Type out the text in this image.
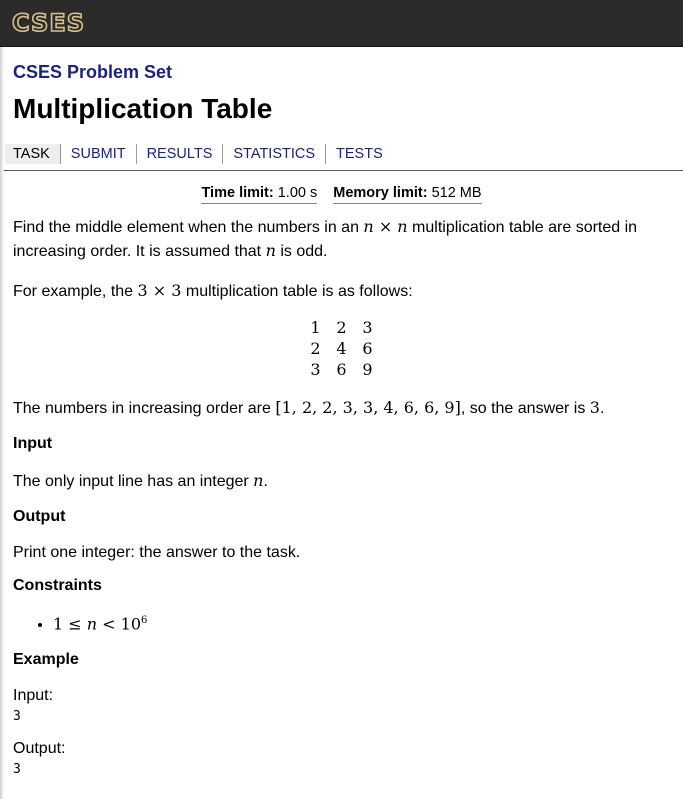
CSES
CSES Problem Set
Multiplication Table
TASK	SUBMIT	RESULTS	STATISTICS	TESTS
Time limit: 1.00 s Memory limit: 512 MB

Find the middle element when the numbers in an n × n multiplication table are sorted in increasing order. It is assumed that n is odd.

For example, the 3 × 3 multiplication table is as follows:

1	2	3
2	4	6
3	6	9

The numbers in increasing order are [1, 2, 2, 3, 3, 4, 6, 6, 9], so the answer is 3.

Input

The only input line has an integer n.

Output

Print one integer: the answer to the task.

Constraints
• $1 \le n < 10^6$
Example

Input:

3

Output:

3
